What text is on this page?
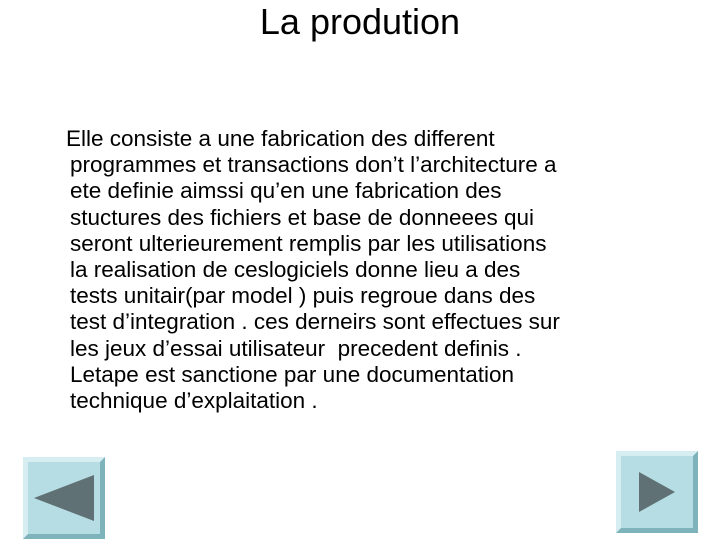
La prodution
Elle consiste a une fabrication des different
programmes et transactions don’t l’architecture a
ete definie aimssi qu’en une fabrication des
stuctures des fichiers et base de donneees qui
seront ulterieurement remplis par les utilisations
la realisation de ceslogiciels donne lieu a des
tests unitair(par model ) puis regroue dans des
test d’integration . ces derneirs sont effectues sur
les jeux d’essai utilisateur  precedent definis .
Letape est sanctione par une documentation
technique d’explaitation .
